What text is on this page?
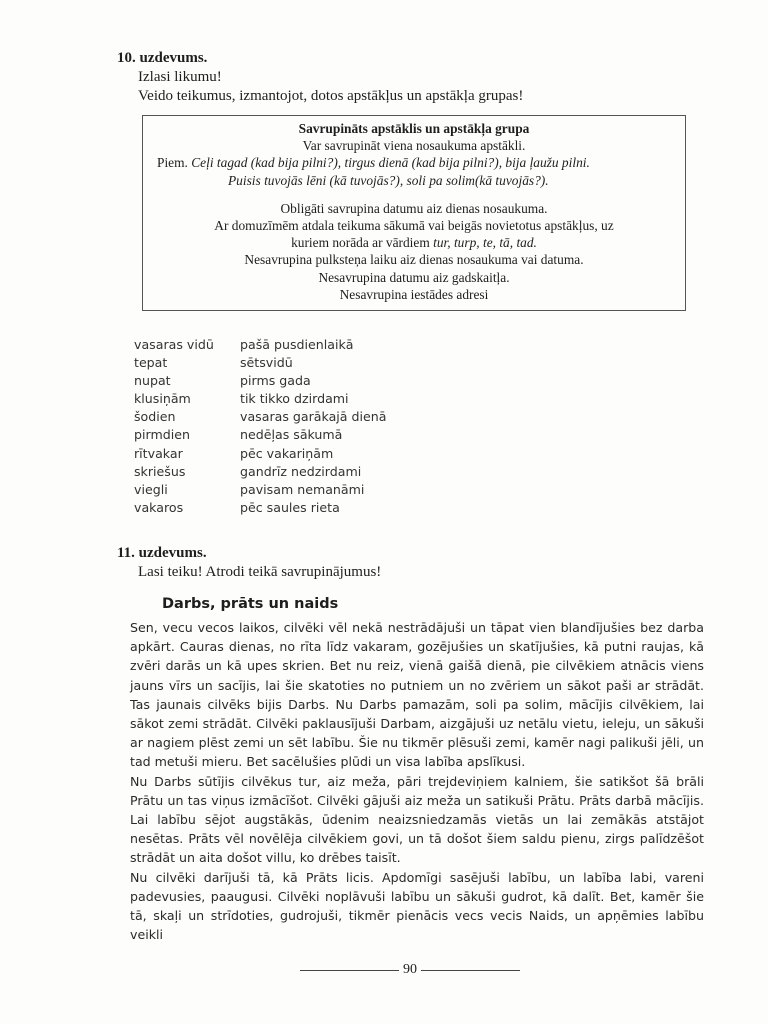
10. uzdevums.
Izlasi likumu!
Veido teikumus, izmantojot, dotos apstākļus un apstākļa grupas!
Savrupināts apstāklis un apstākļa grupa
Var savrupināt viena nosaukuma apstākli.
Piem. Ceļi tagad (kad bija pilni?), tirgus dienā (kad bija pilni?), bija ļaužu pilni.
Puisis tuvojās lēni (kā tuvojās?), soli pa solim(kā tuvojās?).
Obligāti savrupina datumu aiz dienas nosaukuma.
Ar domuzīmēm atdala teikuma sākumā vai beigās novietotus apstākļus, uz
kuriem norāda ar vārdiem tur, turp, te, tā, tad.
Nesavrupina pulksteņa laiku aiz dienas nosaukuma vai datuma.
Nesavrupina datumu aiz gadskaitļa.
Nesavrupina iestādes adresi
vasaras vidū	pašā pusdienlaikā
tepat	sētsvidū
nupat	pirms gada
klusiņām	tik tikko dzirdami
šodien	vasaras garākajā dienā
pirmdien	nedēļas sākumā
rītvakar	pēc vakariņām
skriešus	gandrīz nedzirdami
viegli	pavisam nemanāmi
vakaros	pēc saules rieta
11. uzdevums.
Lasi teiku! Atrodi teikā savrupinājumus!
Darbs, prāts un naids

Sen, vecu vecos laikos, cilvēki vēl nekā nestrādājuši un tāpat vien blandījušies bez darba apkārt. Cauras dienas, no rīta līdz vakaram, gozējušies un skatījušies, kā putni raujas, kā zvēri darās un kā upes skrien. Bet nu reiz, vienā gaišā dienā, pie cilvēkiem atnācis viens jauns vīrs un sacījis, lai šie skatoties no putniem un no zvēriem un sākot paši ar strādāt. Tas jaunais cilvēks bijis Darbs. Nu Darbs pamazām, soli pa solim, mācījis cilvēkiem, lai sākot zemi strādāt. Cilvēki paklausījuši Darbam, aizgājuši uz netālu vietu, ieleju, un sākuši ar nagiem plēst zemi un sēt labību. Šie nu tikmēr plēsuši zemi, kamēr nagi palikuši jēli, un tad metuši mieru. Bet sacēlušies plūdi un visa labība apslīkusi.

Nu Darbs sūtījis cilvēkus tur, aiz meža, pāri trejdeviņiem kalniem, šie satikšot šā brāli Prātu un tas viņus izmācīšot. Cilvēki gājuši aiz meža un satikuši Prātu. Prāts darbā mācījis. Lai labību sējot augstākās, ūdenim neaizsniedzamās vietās un lai zemākās atstājot nesētas. Prāts vēl novēlēja cilvēkiem govi, un tā došot šiem saldu pienu, zirgs palīdzēšot strādāt un aita došot villu, ko drēbes taisīt.

Nu cilvēki darījuši tā, kā Prāts licis. Apdomīgi sasējuši labību, un labība labi, vareni padevusies, paaugusi. Cilvēki noplāvuši labību un sākuši gudrot, kā dalīt. Bet, kamēr šie tā, skaļi un strīdoties, gudrojuši, tikmēr pienācis vecs vecis Naids, un apņēmies labību veikli

90
